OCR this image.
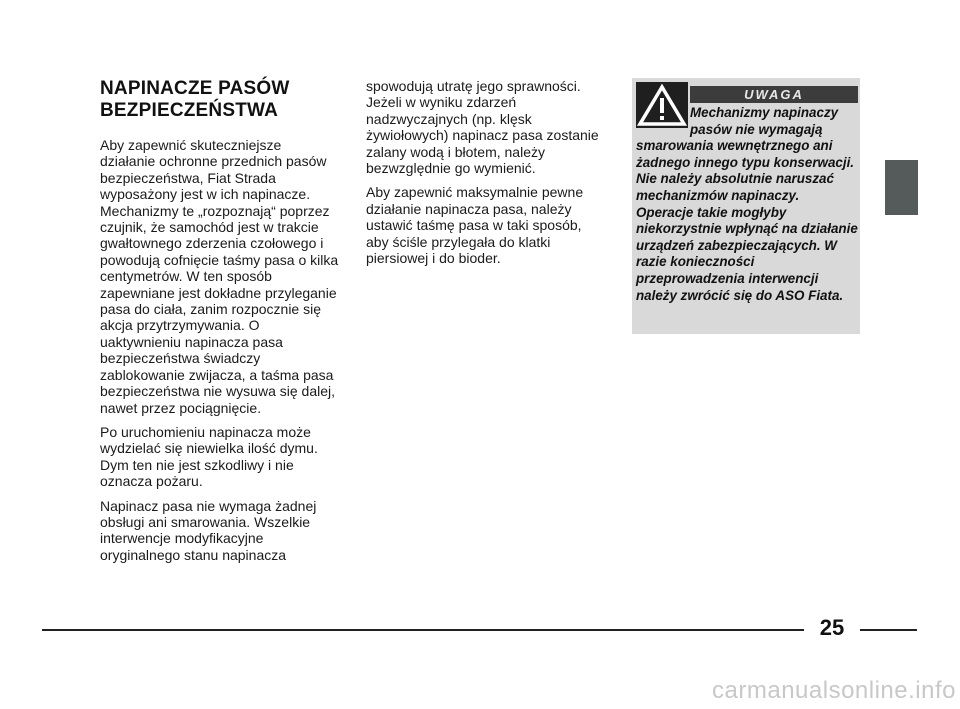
NAPINACZE PASÓW
BEZPIECZEŃSTWA

Aby zapewnić skuteczniejsze działanie ochronne przednich pasów bezpieczeństwa, Fiat Strada wyposażony jest w ich napinacze. Mechanizmy te „rozpoznają“ poprzez czujnik, że samochód jest w trakcie gwałtownego zderzenia czołowego i powodują cofnięcie taśmy pasa o kilka centymetrów. W ten sposób zapewniane jest dokładne przyleganie pasa do ciała, zanim rozpocznie się akcja przytrzymywania. O uaktywnieniu napinacza pasa bezpieczeństwa świadczy zablokowanie zwijacza, a taśma pasa bezpieczeństwa nie wysuwa się dalej, nawet przez pociągnięcie.

Po uruchomieniu napinacza może wydzielać się niewielka ilość dymu. Dym ten nie jest szkodliwy i nie oznacza pożaru.

Napinacz pasa nie wymaga żadnej obsługi ani smarowania. Wszelkie interwencje modyfikacyjne oryginalnego stanu napinacza

spowodują utratę jego sprawności. Jeżeli w wyniku zdarzeń nadzwyczajnych (np. klęsk żywiołowych) napinacz pasa zostanie zalany wodą i błotem, należy bezwzględnie go wymienić.

Aby zapewnić maksymalnie pewne działanie napinacza pasa, należy ustawić taśmę pasa w taki sposób, aby ściśle przylegała do klatki piersiowej i do bioder.

UWAGA
Mechanizmy napinaczy pasów nie wymagają smarowania wewnętrznego ani żadnego innego typu konserwacji. Nie należy absolutnie naruszać mechanizmów napinaczy. Operacje takie mogłyby niekorzystnie wpłynąć na działanie urządzeń zabezpieczających. W razie konieczności przeprowadzenia interwencji należy zwrócić się do ASO Fiata.
25
carmanualsonline.info
